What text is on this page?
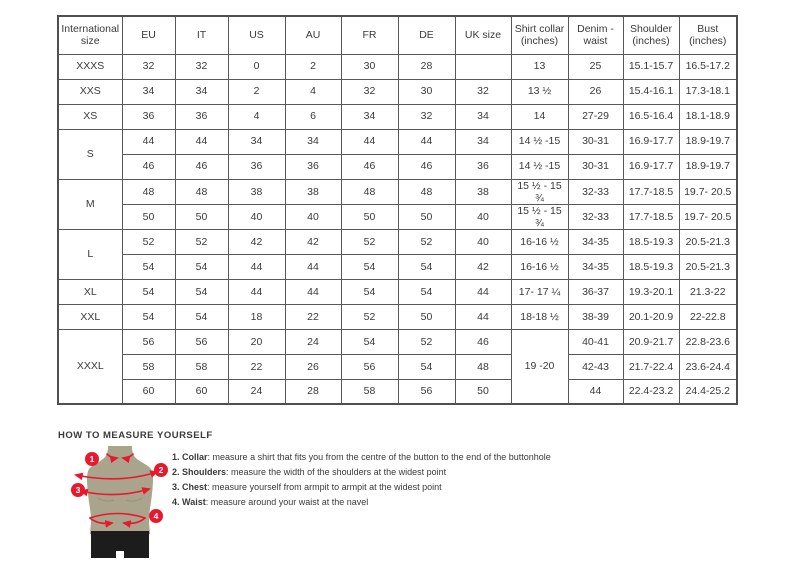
International size	EU	IT	US	AU	FR	DE	UK size	Shirt collar (inches)	Denim - waist	Shoulder (inches)	Bust (inches)
XXXS	32	32	0	2	30	28		13	25	15.1-15.7	16.5-17.2
XXS	34	34	2	4	32	30	32	13 ½	26	15.4-16.1	17.3-18.1
XS	36	36	4	6	34	32	34	14	27-29	16.5-16.4	18.1-18.9
S	44	44	34	34	44	44	34	14 ½ -15	30-31	16.9-17.7	18.9-19.7
	46	46	36	36	46	46	36	14 ½ -15	30-31	16.9-17.7	18.9-19.7
M	48	48	38	38	48	48	38	15 ½ - 15 ¾	32-33	17.7-18.5	19.7- 20.5
	50	50	40	40	50	50	40	15 ½ - 15 ¾	32-33	17.7-18.5	19.7- 20.5
L	52	52	42	42	52	52	40	16-16 ½	34-35	18.5-19.3	20.5-21.3
	54	54	44	44	54	54	42	16-16 ½	34-35	18.5-19.3	20.5-21.3
XL	54	54	44	44	54	54	44	17- 17 ¼	36-37	19.3-20.1	21.3-22
XXL	54	54	18	22	52	50	44	18-18 ½	38-39	20.1-20.9	22-22.8
XXXL	56	56	20	24	54	52	46	19 -20	40-41	20.9-21.7	22.8-23.6
	58	58	22	26	56	54	48		42-43	21.7-22.4	23.6-24.4
	60	60	24	28	58	56	50		44	22.4-23.2	24.4-25.2
HOW TO MEASURE YOURSELF
1
2
3
4
1. Collar: measure a shirt that fits you from the centre of the button to the end of the buttonhole
2. Shoulders: measure the width of the shoulders at the widest point
3. Chest: measure yourself from armpit to armpit at the widest point
4. Waist: measure around your waist at the navel
